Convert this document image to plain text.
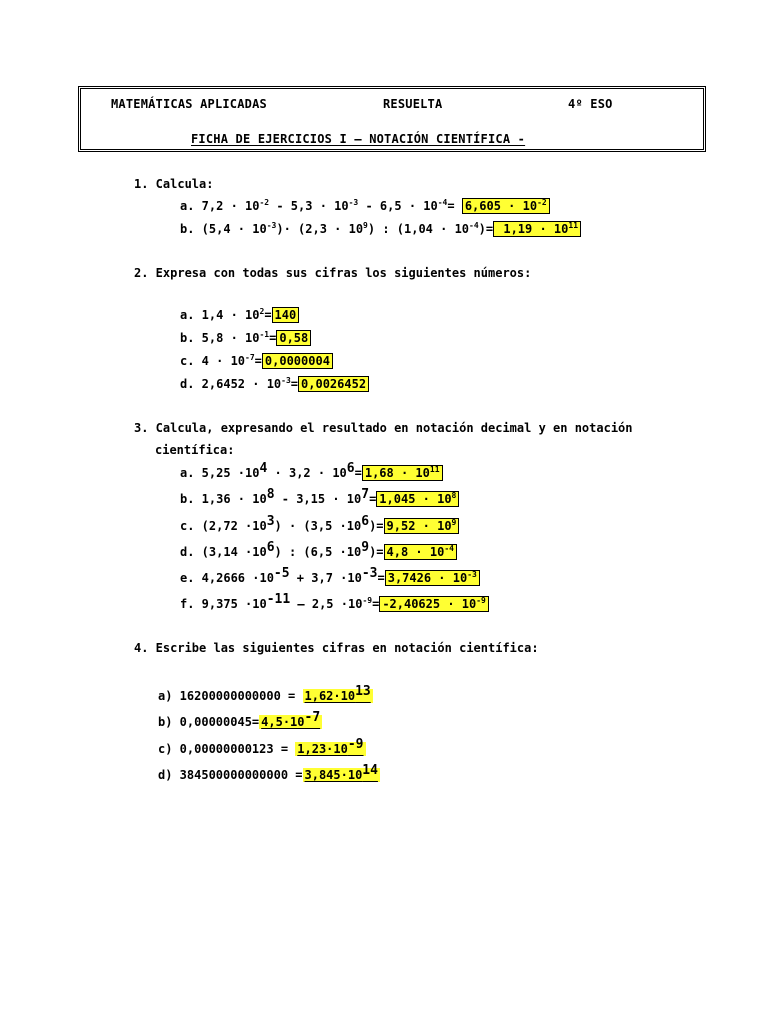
MATEMÁTICAS APLICADAS	RESUELTA	4º ESO
FICHA DE EJERCICIOS I – NOTACIÓN CIENTÍFICA -
1. Calcula:
a. $7,2 \cdot 10^{-2} - 5,3 \cdot 10^{-3} - 6,5 \cdot 10^{-4}= 6,605 \cdot 10^{-2}$
b. $(5,4 \cdot 10^{-3})\cdot (2,3 \cdot 10^9)$ : $(1,04 \cdot 10^{-4})= 1,19 \cdot 10^{11}$
2. Expresa con todas sus cifras los siguientes números:
a. $1,4 \cdot 10^2= 140$
b. $5,8 \cdot 10^{-1}= 0,58$
c. $4 \cdot 10^{-7}= 0,0000004$
d. $2,6452 \cdot 10^{-3}= 0,0026452$
3. Calcula, expresando el resultado en notación decimal y en notación
científica:
a. $5,25 \cdot 10^4 \cdot 3,2 \cdot 10^6= 1,68 \cdot 10^{11}$
b. $1,36 \cdot 10^8 - 3,15 \cdot 10^7= 1,045 \cdot 10^8$
c. $(2,72 \cdot 10^3) \cdot (3,5 \cdot 10^6)= 9,52 \cdot 10^9$
d. $(3,14 \cdot 10^6)$ : $(6,5 \cdot 10^9)= 4,8 \cdot 10^{-4}$
e. $4,2666 \cdot 10^{-5} + 3,7 \cdot 10^{-3}= 3,7426 \cdot 10^{-3}$
f. $9,375 \cdot 10^{-11} - 2,5 \cdot 10^{-9}= -2,40625 \cdot 10^{-9}$
4. Escribe las siguientes cifras en notación científica:
a) $16200000000000 = 1,62\cdot 10^{13}$
b) $0,00000045= 4,5\cdot 10^{-7}$
c) $0,00000000123 = 1,23\cdot 10^{-9}$
d) $384500000000000 = 3,845\cdot 10^{14}$
